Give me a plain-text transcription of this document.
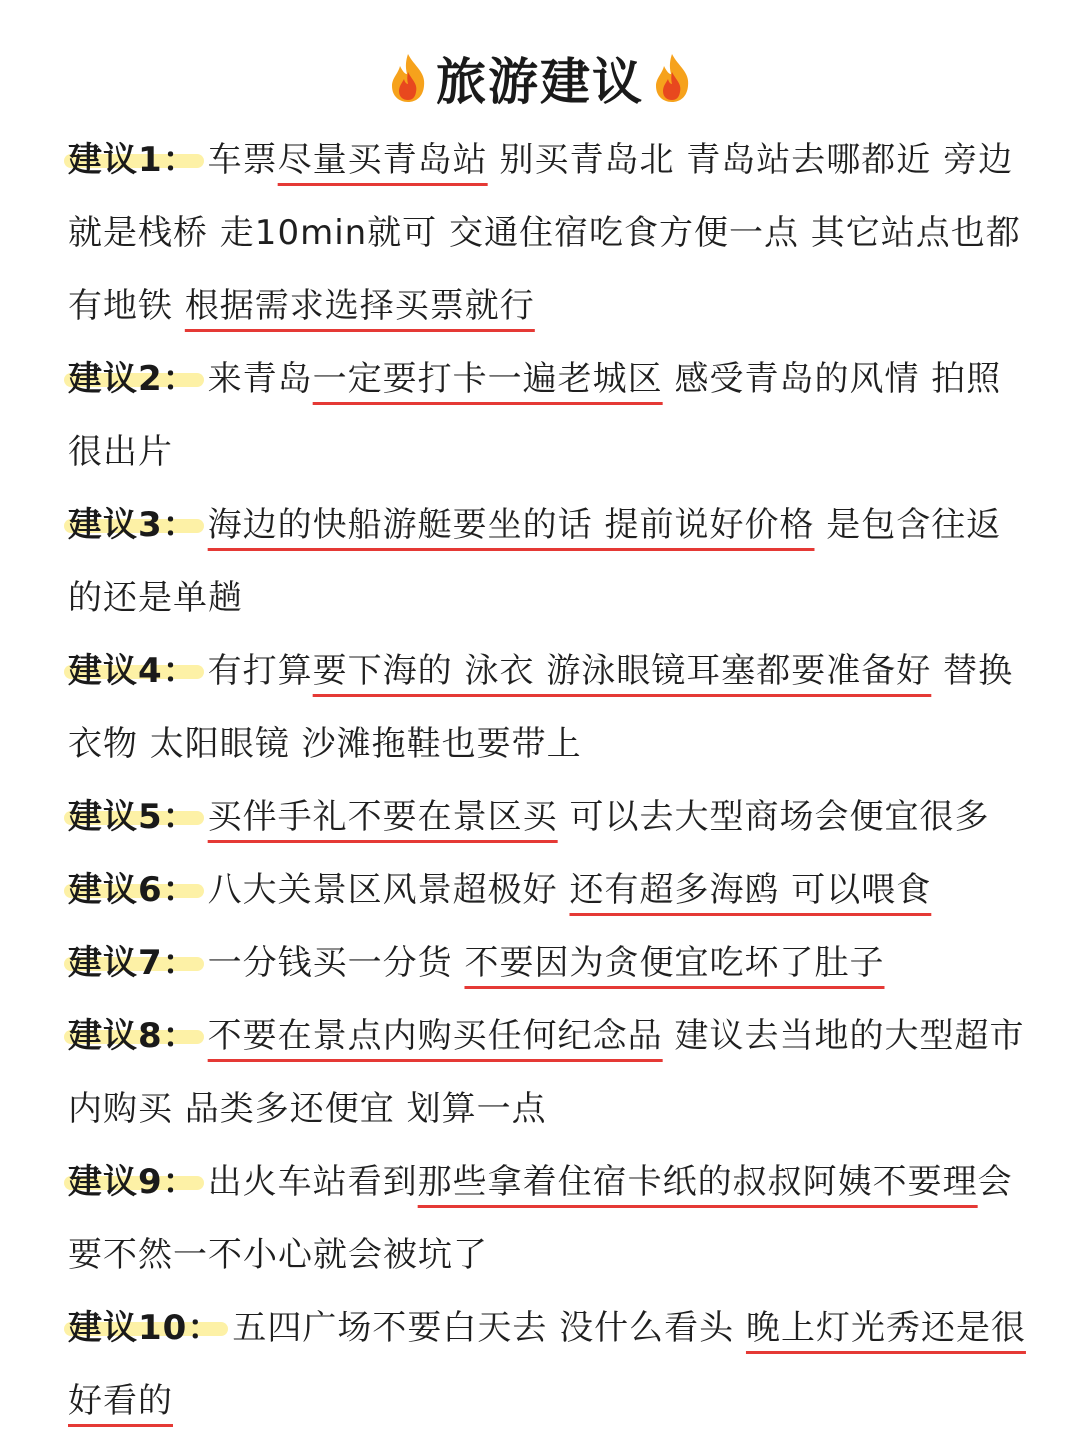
旅游建议
建议1： 车票尽量买青岛站 别买青岛北 青岛站去哪都近 旁边就是栈桥 走10min就可 交通住宿吃食方便一点 其它站点也都有地铁 根据需求选择买票就行
建议2： 来青岛一定要打卡一遍老城区 感受青岛的风情 拍照很出片
建议3： 海边的快船游艇要坐的话 提前说好价格 是包含往返的还是单趟
建议4： 有打算要下海的 泳衣 游泳眼镜耳塞都要准备好 替换衣物 太阳眼镜 沙滩拖鞋也要带上
建议5： 买伴手礼不要在景区买 可以去大型商场会便宜很多
建议6： 八大关景区风景超极好 还有超多海鸥 可以喂食
建议7： 一分钱买一分货 不要因为贪便宜吃坏了肚子
建议8： 不要在景点内购买任何纪念品 建议去当地的大型超市内购买 品类多还便宜 划算一点
建议9： 出火车站看到那些拿着住宿卡纸的叔叔阿姨不要理会 要不然一不小心就会被坑了
建议10： 五四广场不要白天去 没什么看头 晚上灯光秀还是很好看的
